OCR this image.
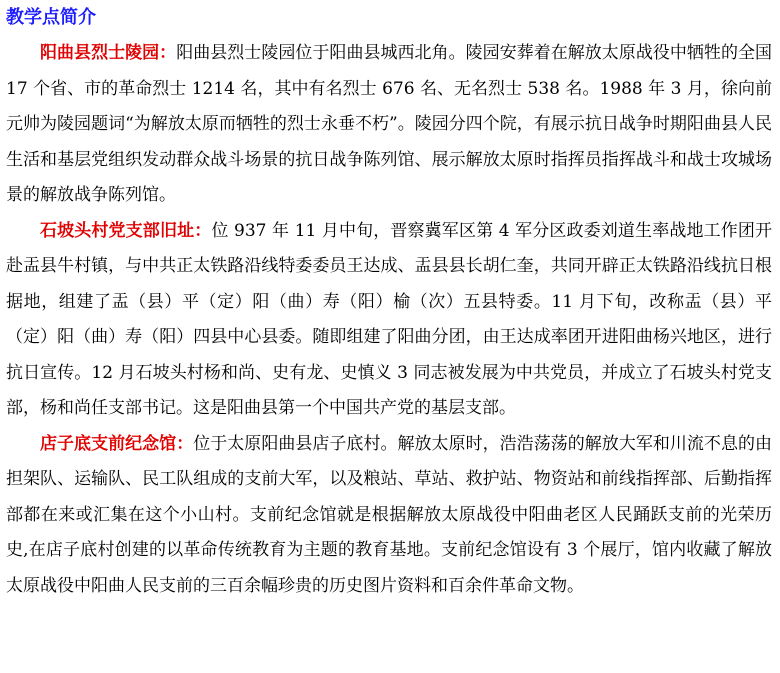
教学点简介

阳曲县烈士陵园：阳曲县烈士陵园位于阳曲县城西北角。陵园安葬着在解放太原战役中牺牲的全国 17 个省、市的革命烈士 1214 名，其中有名烈士 676 名、无名烈士 538 名。1988 年 3 月，徐向前元帅为陵园题词“为解放太原而牺牲的烈士永垂不朽”。陵园分四个院，有展示抗日战争时期阳曲县人民生活和基层党组织发动群众战斗场景的抗日战争陈列馆、展示解放太原时指挥员指挥战斗和战士攻城场景的解放战争陈列馆。

石坡头村党支部旧址：位 937 年 11 月中旬，晋察冀军区第 4 军分区政委刘道生率战地工作团开赴盂县牛村镇，与中共正太铁路沿线特委委员王达成、盂县县长胡仁奎，共同开辟正太铁路沿线抗日根据地，组建了盂（县）平（定）阳（曲）寿（阳）榆（次）五县特委。11 月下旬，改称盂（县）平（定）阳（曲）寿（阳）四县中心县委。随即组建了阳曲分团，由王达成率团开进阳曲杨兴地区，进行抗日宣传。12 月石坡头村杨和尚、史有龙、史慎义 3 同志被发展为中共党员，并成立了石坡头村党支部，杨和尚任支部书记。这是阳曲县第一个中国共产党的基层支部。

店子底支前纪念馆：位于太原阳曲县店子底村。解放太原时，浩浩荡荡的解放大军和川流不息的由担架队、运输队、民工队组成的支前大军，以及粮站、草站、救护站、物资站和前线指挥部、后勤指挥部都在来或汇集在这个小山村。支前纪念馆就是根据解放太原战役中阳曲老区人民踊跃支前的光荣历史,在店子底村创建的以革命传统教育为主题的教育基地。支前纪念馆设有 3 个展厅，馆内收藏了解放太原战役中阳曲人民支前的三百余幅珍贵的历史图片资料和百余件革命文物。
